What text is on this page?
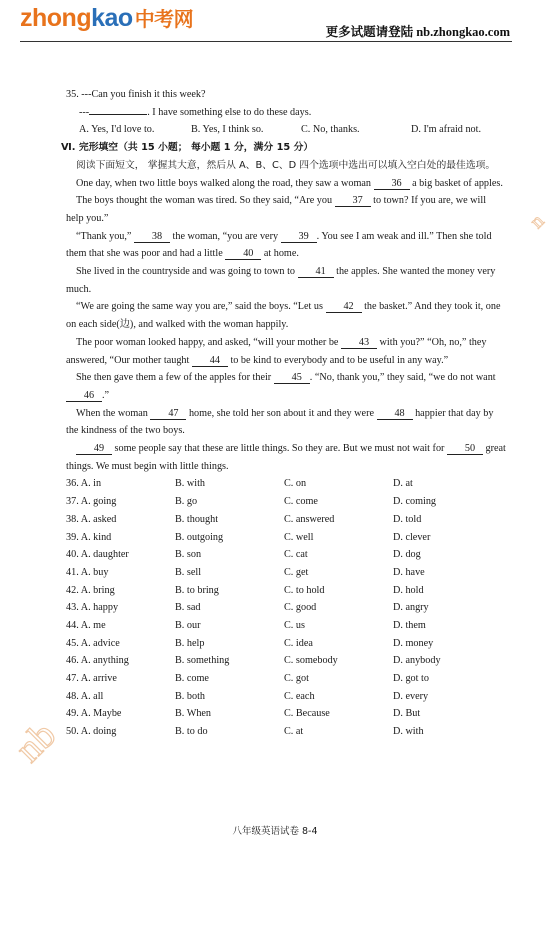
zhongkao 中考网
更多试题请登陆 nb.zhongkao.com

35. ---Can you finish it this week?

---	. I have something else to do these days.

A. Yes, I'd love to.	B. Yes, I think so.	C. No, thanks.	D. I'm afraid not.

Ⅵ. 完形填空（共 15 小题； 每小题 1 分，满分 15 分）

阅读下面短文， 掌握其大意，然后从 A、B、C、D 四个选项中选出可以填入空白处的最佳选项。

One day, when two little boys walked along the road, they saw a woman 36 a big basket of apples.

The boys thought the woman was tired. So they said, “Are you 37 to town? If you are, we will help you.”

“Thank you,” 38 the woman, “you are very 39 . You see I am weak and ill.” Then she told them that she was poor and had a little 40 at home.

She lived in the countryside and was going to town to 41 the apples. She wanted the money very much.

“We are going the same way you are,” said the boys. “Let us 42 the basket.” And they took it, one on each side(边), and walked with the woman happily.

The poor woman looked happy, and asked, “will your mother be 43 with you?” “Oh, no,” they answered, “Our mother taught 44 to be kind to everybody and to be useful in any way.”

She then gave them a few of the apples for their 45 . “No, thank you,” they said, “we do not want 46 .”

When the woman 47 home, she told her son about it and they were 48 happier that day by the kindness of the two boys.

49 some people say that these are little things. So they are. But we must not wait for 50 great things. We must begin with little things.

36. A. in	B. with	C. on	D. at
37. A. going	B. go	C. come	D. coming
38. A. asked	B. thought	C. answered	D. told
39. A. kind	B. outgoing	C. well	D. clever
40. A. daughter	B. son	C. cat	D. dog
41. A. buy	B. sell	C. get	D. have
42. A. bring	B. to bring	C. to hold	D. hold
43. A. happy	B. sad	C. good	D. angry
44. A. me	B. our	C. us	D. them
45. A. advice	B. help	C. idea	D. money
46. A. anything	B. something	C. somebody	D. anybody
47. A. arrive	B. come	C. got	D. got to
48. A. all	B. both	C. each	D. every
49. A. Maybe	B. When	C. Because	D. But
50. A. doing	B. to do	C. at	D. with
八年级英语试卷 8-4
nb
n
